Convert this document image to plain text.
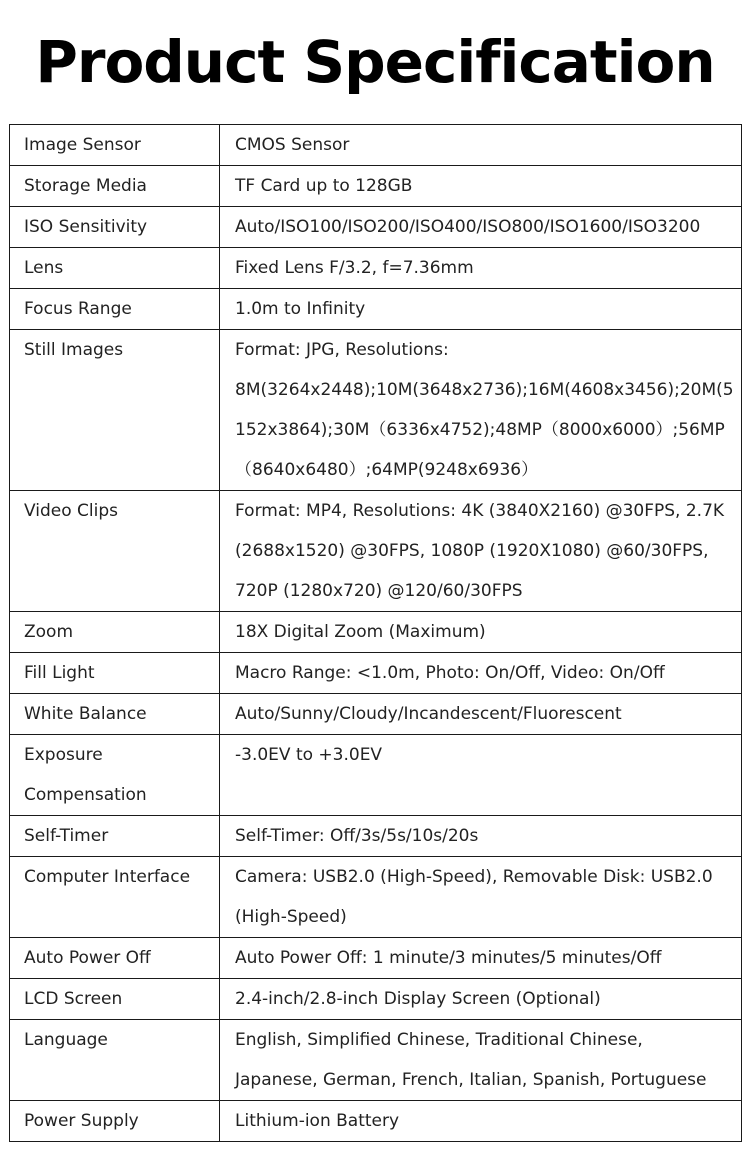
Product Specification
Image Sensor	CMOS Sensor

Storage Media	TF Card up to 128GB

ISO Sensitivity	Auto/ISO100/ISO200/ISO400/ISO800/ISO1600/ISO3200

Lens	Fixed Lens F/3.2, f=7.36mm

Focus Range	1.0m to Infinity

Still Images	Format: JPG, Resolutions:
8M(3264x2448);10M(3648x2736);16M(4608x3456);20M(5
152x3864);30M（6336x4752);48MP（8000x6000）;56MP
（8640x6480）;64MP(9248x6936）

Video Clips	Format: MP4, Resolutions: 4K (3840X2160) @30FPS, 2.7K
(2688x1520) @30FPS, 1080P (1920X1080) @60/30FPS,
720P (1280x720) @120/60/30FPS

Zoom	18X Digital Zoom (Maximum)

Fill Light	Macro Range: <1.0m, Photo: On/Off, Video: On/Off

White Balance	Auto/Sunny/Cloudy/Incandescent/Fluorescent

Exposure
Compensation	-3.0EV to +3.0EV

Self-Timer	Self-Timer: Off/3s/5s/10s/20s

Computer Interface	Camera: USB2.0 (High-Speed), Removable Disk: USB2.0
(High-Speed)

Auto Power Off	Auto Power Off: 1 minute/3 minutes/5 minutes/Off

LCD Screen	2.4-inch/2.8-inch Display Screen (Optional)

Language	English, Simplified Chinese, Traditional Chinese,
Japanese, German, French, Italian, Spanish, Portuguese

Power Supply	Lithium-ion Battery
